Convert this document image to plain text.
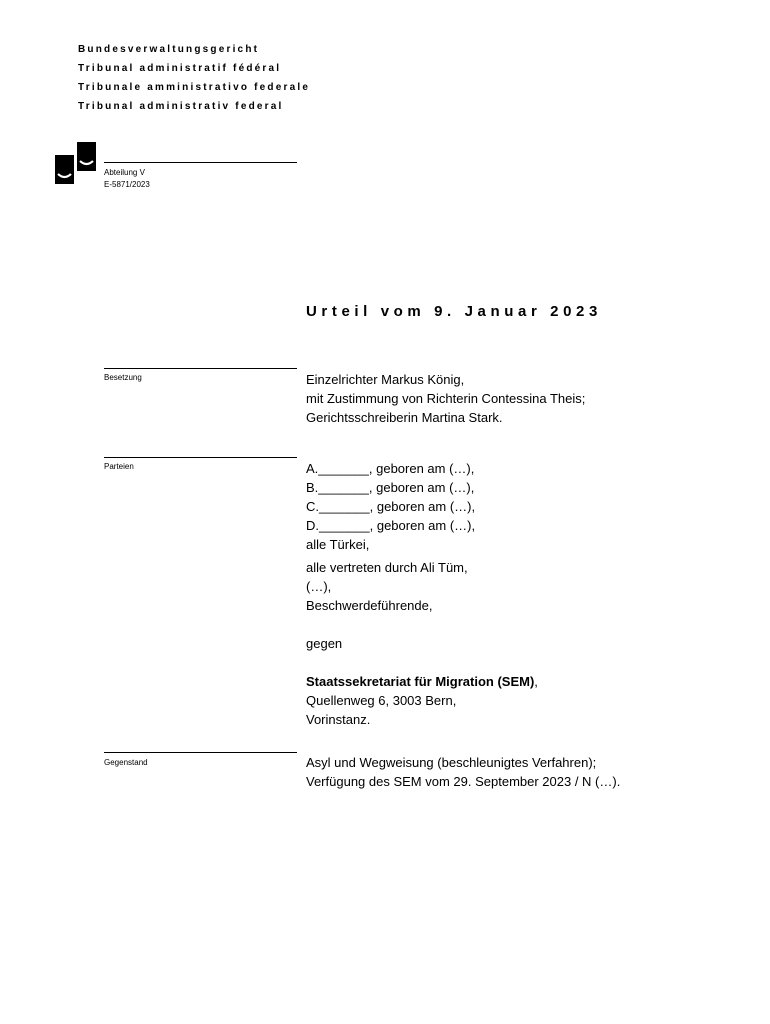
Bundesverwaltungsgericht
Tribunal administratif fédéral
Tribunale amministrativo federale
Tribunal administrativ federal
Abteilung V
E-5871/2023
Urteil vom 9. Januar 2023
Besetzung	Einzelrichter Markus König,
mit Zustimmung von Richterin Contessina Theis;
Gerichtsschreiberin Martina Stark.
Parteien	A._______, geboren am (…),
B._______, geboren am (…),
C._______, geboren am (…),
D._______, geboren am (…),
alle Türkei,
alle vertreten durch Ali Tüm,
(…),
Beschwerdeführende,
gegen
Staatssekretariat für Migration (SEM),
Quellenweg 6, 3003 Bern,
Vorinstanz.
Gegenstand	Asyl und Wegweisung (beschleunigtes Verfahren);
Verfügung des SEM vom 29. September 2023 / N (…).
